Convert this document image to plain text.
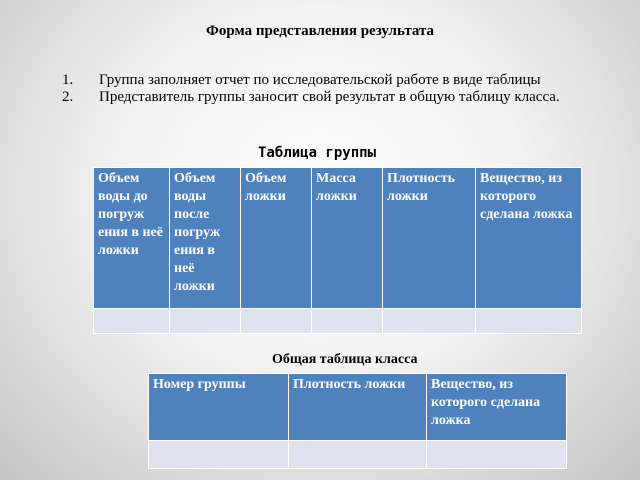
Форма представления результата
1. Группа заполняет отчет по исследовательской работе в виде таблицы
2. Представитель группы заносит свой результат в общую таблицу класса.
Таблица группы
Объем воды до погруж ения в неё ложки	Объем воды после погруж ения в неё ложки	Объем ложки	Масса ложки	Плотность ложки	Вещество, из которого сделана ложка

Общая таблица класса
Номер группы	Плотность ложки	Вещество, из которого сделана ложка
